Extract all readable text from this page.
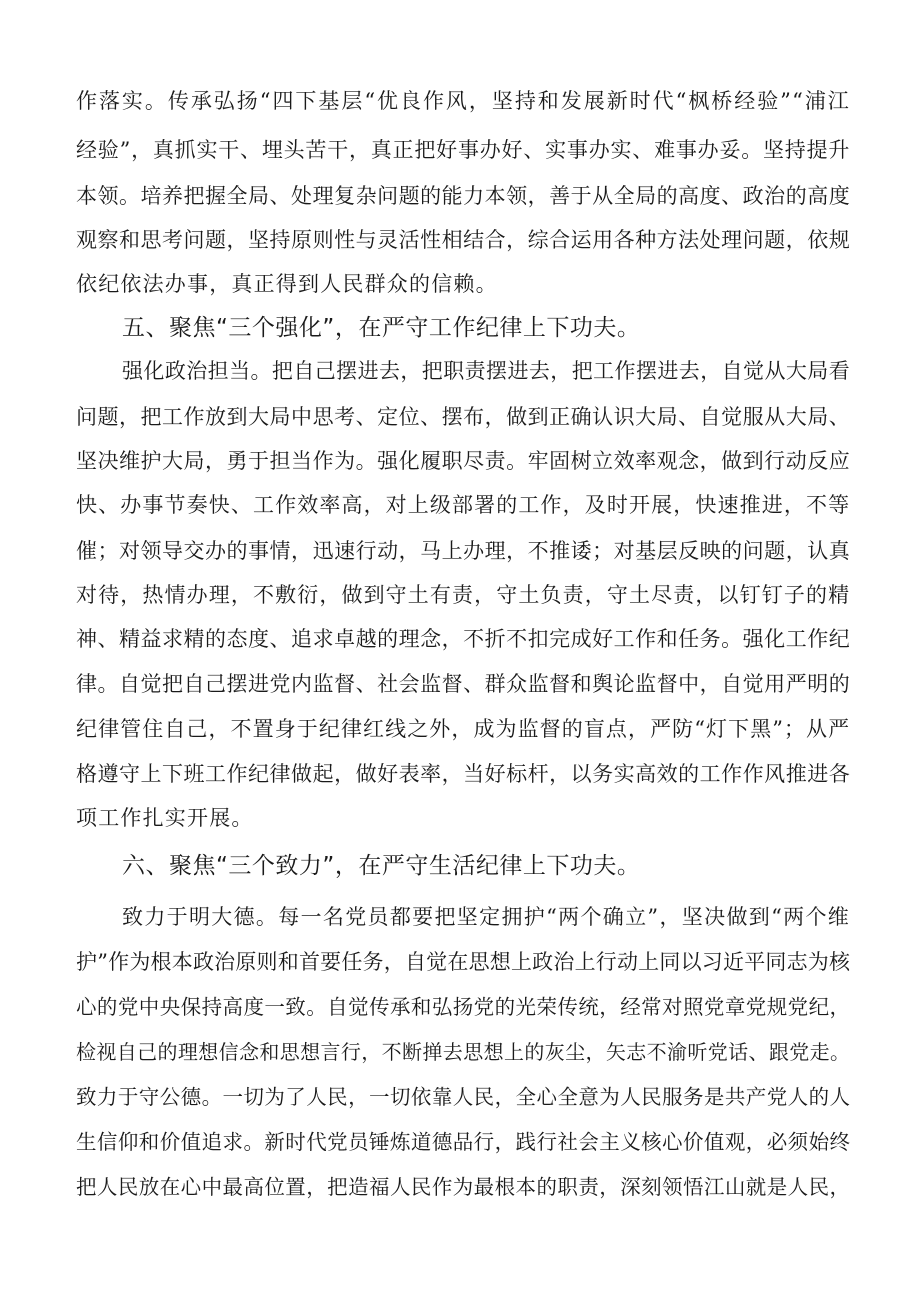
作落实。传承弘扬“四下基层“优良作风，坚持和发展新时代“枫桥经验”“浦江
经验”，真抓实干、埋头苦干，真正把好事办好、实事办实、难事办妥。坚持提升
本领。培养把握全局、处理复杂问题的能力本领，善于从全局的高度、政治的高度
观察和思考问题，坚持原则性与灵活性相结合，综合运用各种方法处理问题，依规
依纪依法办事，真正得到人民群众的信赖。
五、聚焦“三个强化”，在严守工作纪律上下功夫。
强化政治担当。把自己摆进去，把职责摆进去，把工作摆进去，自觉从大局看
问题，把工作放到大局中思考、定位、摆布，做到正确认识大局、自觉服从大局、
坚决维护大局，勇于担当作为。强化履职尽责。牢固树立效率观念，做到行动反应
快、办事节奏快、工作效率高，对上级部署的工作，及时开展，快速推进，不等
催；对领导交办的事情，迅速行动，马上办理，不推诿；对基层反映的问题，认真
对待，热情办理，不敷衍，做到守土有责，守土负责，守土尽责，以钉钉子的精
神、精益求精的态度、追求卓越的理念，不折不扣完成好工作和任务。强化工作纪
律。自觉把自己摆进党内监督、社会监督、群众监督和舆论监督中，自觉用严明的
纪律管住自己，不置身于纪律红线之外，成为监督的盲点，严防“灯下黑”；从严
格遵守上下班工作纪律做起，做好表率，当好标杆，以务实高效的工作作风推进各
项工作扎实开展。
六、聚焦“三个致力”，在严守生活纪律上下功夫。
致力于明大德。每一名党员都要把坚定拥护“两个确立”，坚决做到“两个维
护”作为根本政治原则和首要任务，自觉在思想上政治上行动上同以习近平同志为核
心的党中央保持高度一致。自觉传承和弘扬党的光荣传统，经常对照党章党规党纪，
检视自己的理想信念和思想言行，不断掸去思想上的灰尘，矢志不渝听党话、跟党走。
致力于守公德。一切为了人民，一切依靠人民，全心全意为人民服务是共产党人的人
生信仰和价值追求。新时代党员锤炼道德品行，践行社会主义核心价值观，必须始终
把人民放在心中最高位置，把造福人民作为最根本的职责，深刻领悟江山就是人民，
